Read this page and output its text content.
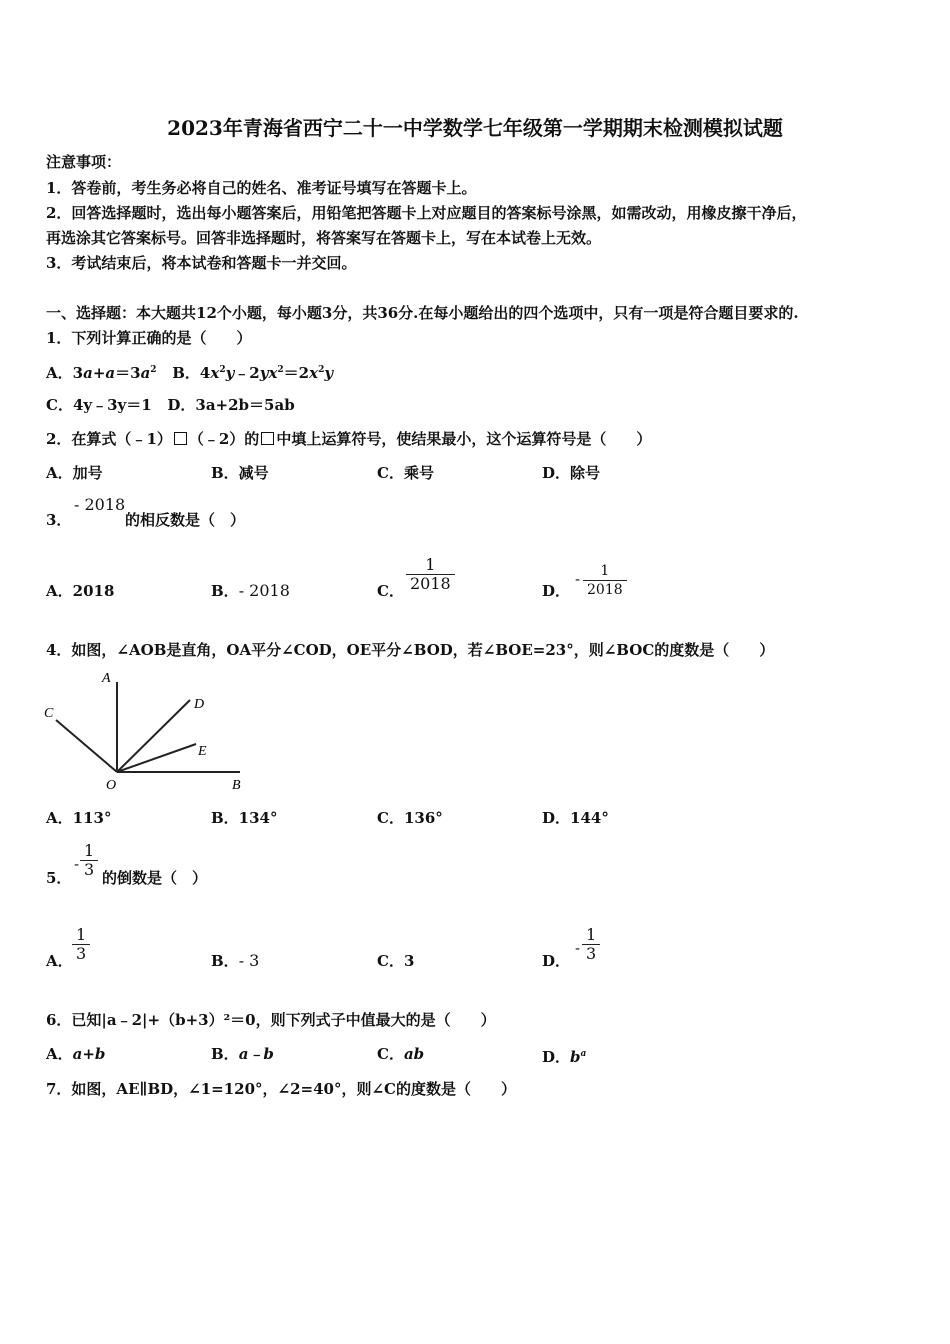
2023年青海省西宁二十一中学数学七年级第一学期期末检测模拟试题
注意事项：
1．答卷前，考生务必将自己的姓名、准考证号填写在答题卡上。
2．回答选择题时，选出每小题答案后，用铅笔把答题卡上对应题目的答案标号涂黑，如需改动，用橡皮擦干净后，
再选涂其它答案标号。回答非选择题时，将答案写在答题卡上，写在本试卷上无效。
3．考试结束后，将本试卷和答题卡一并交回。
一、选择题：本大题共12个小题，每小题3分，共36分.在每小题给出的四个选项中，只有一项是符合题目要求的.
1．下列计算正确的是（　　）
A．$3a+a=3a^2$ B．$4x^2y﹣2yx^2=2x^2y$
C．4y﹣3y＝1 D．3a+2b＝5ab
2．在算式（﹣1） （﹣2）的 中填上运算符号，使结果最小，这个运算符号是（　　）
A．加号	B．减号	C．乘号	D．除号
3．
- 2018
的相反数是（　）
A．2018	B．- 2018	C． $\frac{1}{2018}$	D．
- $\frac{1}{2018}$
4．如图，∠AOB是直角，OA平分∠COD，OE平分∠BOD，若∠BOE=23°，则∠BOC的度数是（　　）
A
C
D
E
O	B
A．113°	B．134°	C．136°	D．144°
5．
- $\frac{1}{3}$ 的倒数是（　）
A． $\frac{1}{3}$	B．- 3	C．3	D．
- $\frac{1}{3}$
6．已知|a﹣2|+（b+3）²＝0，则下列式子中值最大的是（　　）
A．a+b	B．a﹣b	C．ab	D．$b^a$
7．如图，AE∥BD，∠1=120°，∠2=40°，则∠C的度数是（　　）
